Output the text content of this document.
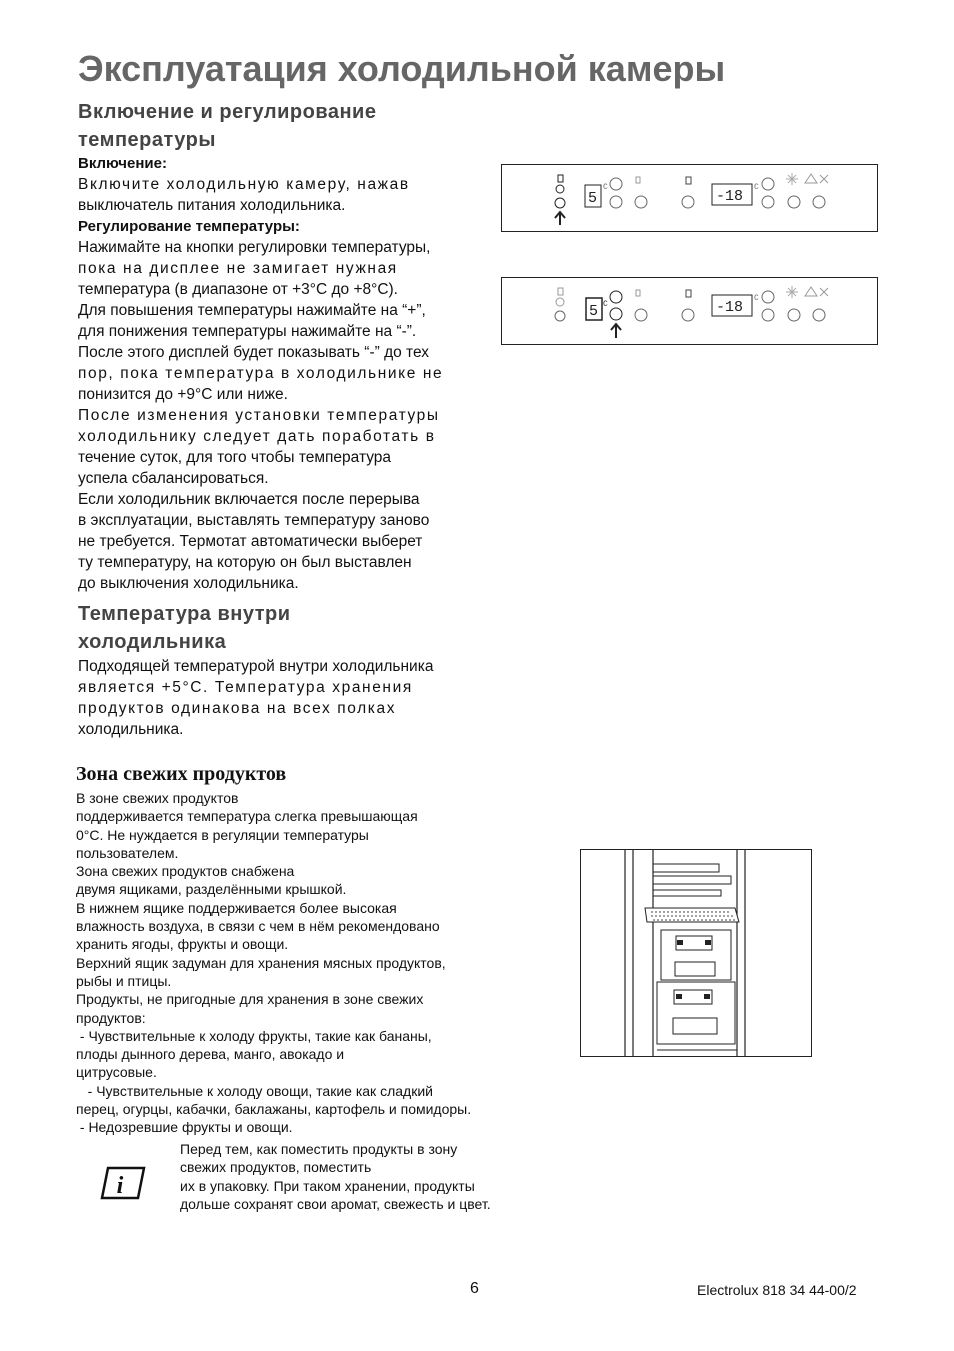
Эксплуатация холодильной камеры
Включение и регулирование
температуры
Включение:

Включите холодильную камеру, нажав

выключатель питания холодильника.

Регулирование температуры:

Нажимайте на кнопки регулировки температуры,

пока на дисплее не замигает нужная

температура (в диапазоне от +3°С до +8°С).

Для повышения температуры нажимайте на “+”,

для понижения температуры нажимайте на “-”.

После этого дисплей будет показывать “-” до тех

пор, пока температура в холодильнике не

понизится до +9°С или ниже.

После изменения установки температуры

холодильнику следует дать поработать в

течение суток, для того чтобы температура

успела сбалансироваться.

Если холодильник включается после перерыва

в эксплуатации, выставлять температуру заново

не требуется. Термотат автоматически выберет

ту температуру, на которую он был выставлен

до выключения холодильника.

Температура внутри
холодильника

Подходящей температурой внутри холодильника

является +5°С. Температура хранения

продуктов одинакова на всех полках

холодильника.

Зона свежих продуктов
В зоне свежих продуктов
поддерживается температура слегка превышающая
0°С. Не нуждается в регуляции температуры
пользователем.
Зона свежих продуктов снабжена
двумя ящиками, разделёнными крышкой.
В нижнем ящике поддерживается более высокая
влажность воздуха, в связи с чем в нём рекомендовано
хранить ягоды, фрукты и овощи.
Верхний ящик задуман для хранения мясных продуктов,
рыбы и птицы.
Продукты, не пригодные для хранения в зоне свежих
продуктов:
- Чувствительные к холоду фрукты, такие как бананы,
плоды дынного дерева, манго, авокадо и
цитрусовые.
- Чувствительные к холоду овощи, такие как сладкий
перец, огурцы, кабачки, баклажаны, картофель и помидоры.
- Недозревшие фрукты и овощи.
i
Перед тем, как поместить продукты в зону
свежих продуктов, поместить
их в упаковку. При таком хранении, продукты
дольше сохранят свои аромат, свежесть и цвет.
5
C
-18
C
5 C	-18
C
6	Electrolux 818 34 44-00/2
